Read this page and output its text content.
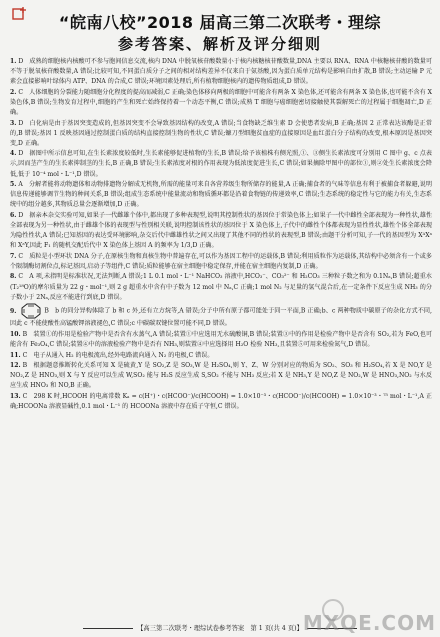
“皖南八校”2018 届高三第二次联考・理综
参考答案、解析及评分细则
1. D　成熟的细胞核内核酸可不参与胞间信息交流,核内 DNA 中脱氧核苷酸数量小于核内核糖核苷酸数量,DNA 主要以 RNA、RNA 中核糖核苷酸的数量可不等于脱氧核苷酸数量,A 错误;比较可知,不同蛋白质分子之间的相对结构差异不仅来自于氨基酸,因为蛋白质单元结构是影响自由扩散,B 错误;主动运输 P 元素会直接影响叶绿体内 ATP、DNA 的合成,C 错误;环境因素处理后,所有植物细胞核内的遗传物质组成,D 错误。
2. C　人体细胞的分裂能力随细胞分化程度的提高而减弱,C 正确;染色体移向两极的细胞中可能含有两条 X 染色体,还可能含有两条 X 染色体,也可能不含有 X 染色体,B 错误;生物发育过程中,细胞的产生和死亡始终保持着一个动态平衡,C 错误;成熟 T 细胞与癌细胞密切接触使其裂解死亡的过程属于细胞凋亡,D 正确。
3. D　白化病是由于基因突变造成的,但基因突变不会导致基因结构的改变,A 错误;当食物缺乏维生素 D 会使患者发病,B 正确;基因 2 正常表达该酶是正常的,B 错误;基因 1 反映基因通过控制蛋白质的结构直接控制生物的性状,C 错误;镰刀型细胞贫血症的直接原因是血红蛋白分子结构的改变,根本原因是基因突变,D 正确。
4. D　据图中所示信息可知,在生长素浓度较低时,生长素能够促进植物的生长,B 错误;给予该植株有侧光照,①、③侧生长素浓度可分别用 C 图中 g、c 点表示,因而茎产生的生长素抑制茎的生长,B 正确,B 错误;生长素浓度对根的作用表现为低浓度促进生长,C 错误;如果摘除甲图中的部位①,则②处生长素浓度会降低,低于 10⁻⁴ mol・L⁻¹,D 错误。
5. A　分解者能将动物遗体和动物排遗物分解成无机物,所需的能量可来自各营养级生物所储存的能量,A 正确;捕食者的气味等信息有利于被捕食者躲避,说明信息传递能够调节生物的种间关系,B 错误;组成生态系统中能量流动和物质循环都是沿着食物链的传递效率,C 错误;生态系统的稳定性与它的能力有关,生态系统中的组分越多,其物质总量会逐渐增加,D 正确。
6. D　据亲本杂交实验可知,如果子一代雌雄个体中,都出现了多种表现型,说明其控制性状的基因位于常染色体上;如果子一代中雌性全部表现为一种性状,雄性全部表现为另一种性状,由于雌雄个体的表现型与性别相关联,说明控制该性状的基因位于 X 染色体上,子代中的雌性个体都表现为显性性状,雄性个体全部表现为隐性性状,A 错误;已知基因的表达受环境影响,杂交后代中雌雄性状之间又出现了其他不同的性状的表现型,B 错误;由题干分析可知,子一代的基因型为 XᴬXᵃ 和 XᵃY,因此 F₁ 的随机交配后代中 X 染色体上基因 A 的频率为 1/3,D 正确。
7. C　质粒是小型环状 DNA 分子,在原核生物和真核生物中普遍存在,可以作为基因工程中的运载体,B 错误;利用质粒作为运载体,其结构中必须含有一个或多个限制酶切割位点,标记基因,启动子等组件,C 错误;质粒能够在宿主细胞中稳定保存,并能在宿主细胞内复制,D 正确。
8. C　A 项,未指明是标准状况,无法判断,A 错误;1 L 0.1 mol・L⁻¹ NaHCO₃ 溶液中,HCO₃⁻、CO₃²⁻ 和 H₂CO₃ 三种粒子数之和为 0.1Nₐ,B 错误;超重水(T₂¹⁸O)的摩尔质量为 22 g・mol⁻¹,则 2 g 超重水中含有中子数为 12 mol 中 Nₐ,C 正确;1 mol N₂ 与足量的氢气混合后,在一定条件下反应生成 NH₃ 的分子数小于 2Nₐ,反应不能进行到底,D 错误。
9.	B　b 的同分异构体除了 b 和 c 外,还有立方烷等,A 错误;分子中所有原子都可能处于同一平面,B 正确;b、c 两种物质中碳原子的杂化方式不同,因此 c 不能使酸性高锰酸钾溶液褪色,C 错误;c 中碳碳双键位置可能不同,D 错误。
10. B　装置①的作用是检验产物中是否含有水蒸气,A 错误;装置①中应选用无水硫酸铜,B 错误;装置③中的作用是检验产物中是否含有 SO₂,若为 FeO,也可能含有 Fe₃O₄,C 错误;装置④中的溶液检验产物中是否有 NH₃,则装置④中应选择用 H₂O 检验 NH₃,且装置⑤可用来检验氮气,D 错误。
11. C　电子从通入 H₂ 的电极流出,经外电路流向通入 N₂ 的电极,C 错误。
12. B　根据题意推断转化关系可知 X 是硫黄,Y 是 SO₂,Z 是 SO₃,W 是 H₂SO₄,则 Y、Z、W 分别对应的物质为 SO₂、SO₃ 和 H₂SO₄,若 X 是 NO,Y 是 NO₂,Z 是 HNO₃,则 X 与 Y 反应可以生成 W,SO₂ 能与 H₂S 反应生成 S,SO₂ 不能与 NH₃ 反应;若 X 是 NH₃,Y 是 NO,Z 是 NO₂,W 是 HNO₃,NO₂ 与水反应生成 HNO₃ 和 NO,B 正确。
13. C　298 K 时,HCOOH 的电离常数 Kₐ = c(H⁺)・c(HCOO⁻)/c(HCOOH) = 1.0×10⁻³・c(HCOO⁻)/c(HCOOH) = 1.0×10⁻³・⁷⁵ mol・L⁻¹,A 正确;HCOONa 溶液显碱性,0.1 mol・L⁻¹ 的 HCOONa 溶液中存在质子守恒,C 错误。
【高三第二次联考・理综试卷参考答案　第 1 页(共 4 页)】 MXQE.COM
